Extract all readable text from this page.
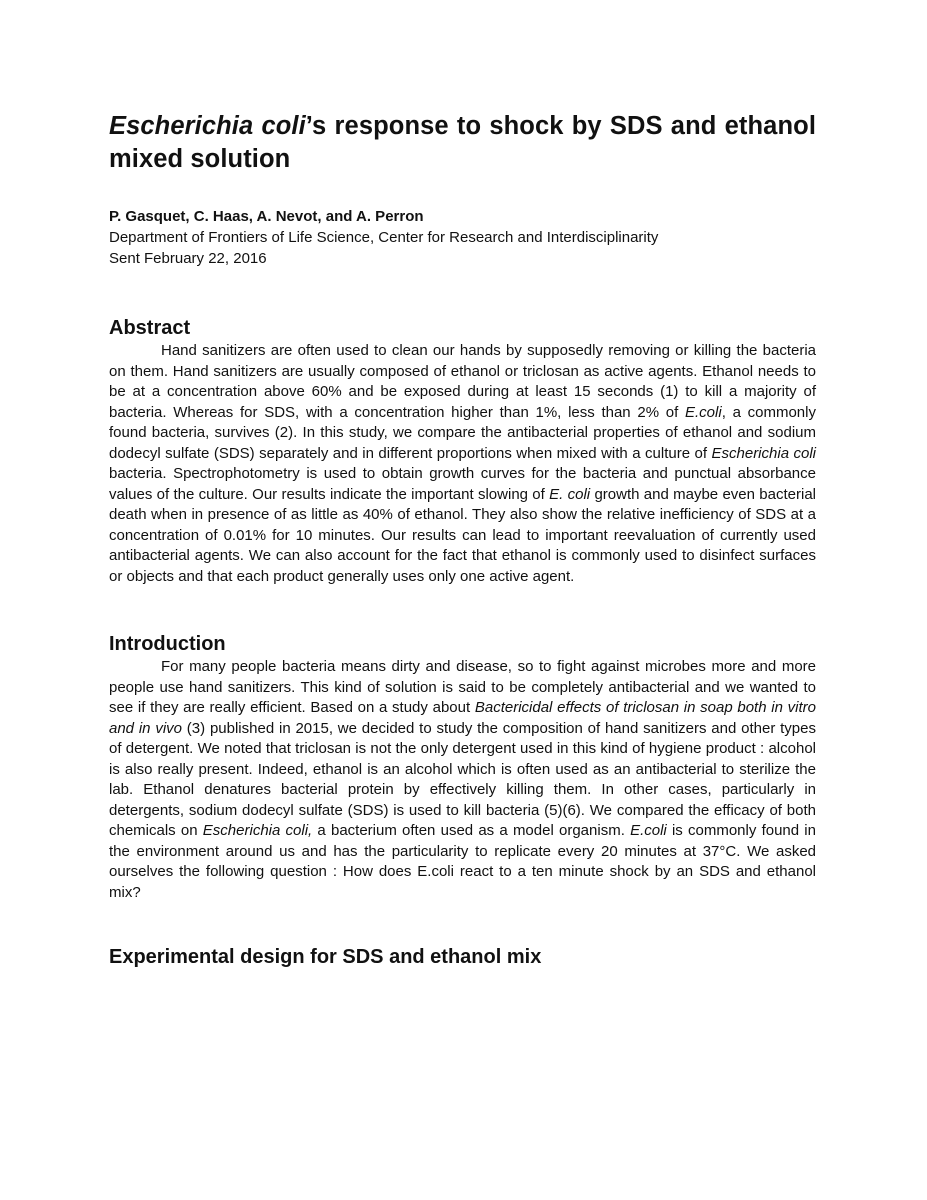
Escherichia coli’s response to shock by SDS and ethanol mixed solution
P. Gasquet, C. Haas, A. Nevot, and A. Perron
Department of Frontiers of Life Science, Center for Research and Interdisciplinarity
Sent February 22, 2016
Abstract

Hand sanitizers are often used to clean our hands by supposedly removing or killing the bacteria on them. Hand sanitizers are usually composed of ethanol or triclosan as active agents. Ethanol needs to be at a concentration above 60% and be exposed during at least 15 seconds (1) to kill a majority of bacteria. Whereas for SDS, with a concentration higher than 1%, less than 2% of E.coli, a commonly found bacteria, survives (2). In this study, we compare the antibacterial properties of ethanol and sodium dodecyl sulfate (SDS) separately and in different proportions when mixed with a culture of Escherichia coli bacteria. Spectrophotometry is used to obtain growth curves for the bacteria and punctual absorbance values of the culture. Our results indicate the important slowing of E. coli growth and maybe even bacterial death when in presence of as little as 40% of ethanol. They also show the relative inefficiency of SDS at a concentration of 0.01% for 10 minutes. Our results can lead to important reevaluation of currently used antibacterial agents. We can also account for the fact that ethanol is commonly used to disinfect surfaces or objects and that each product generally uses only one active agent.

Introduction

For many people bacteria means dirty and disease, so to fight against microbes more and more people use hand sanitizers. This kind of solution is said to be completely antibacterial and we wanted to see if they are really efficient. Based on a study about Bactericidal effects of triclosan in soap both in vitro and in vivo (3) published in 2015, we decided to study the composition of hand sanitizers and other types of detergent. We noted that triclosan is not the only detergent used in this kind of hygiene product : alcohol is also really present. Indeed, ethanol is an alcohol which is often used as an antibacterial to sterilize the lab. Ethanol denatures bacterial protein by effectively killing them. In other cases, particularly in detergents, sodium dodecyl sulfate (SDS) is used to kill bacteria (5)(6). We compared the efficacy of both chemicals on Escherichia coli, a bacterium often used as a model organism. E.coli is commonly found in the environment around us and has the particularity to replicate every 20 minutes at 37°C. We asked ourselves the following question : How does E.coli react to a ten minute shock by an SDS and ethanol mix?

Experimental design for SDS and ethanol mix
